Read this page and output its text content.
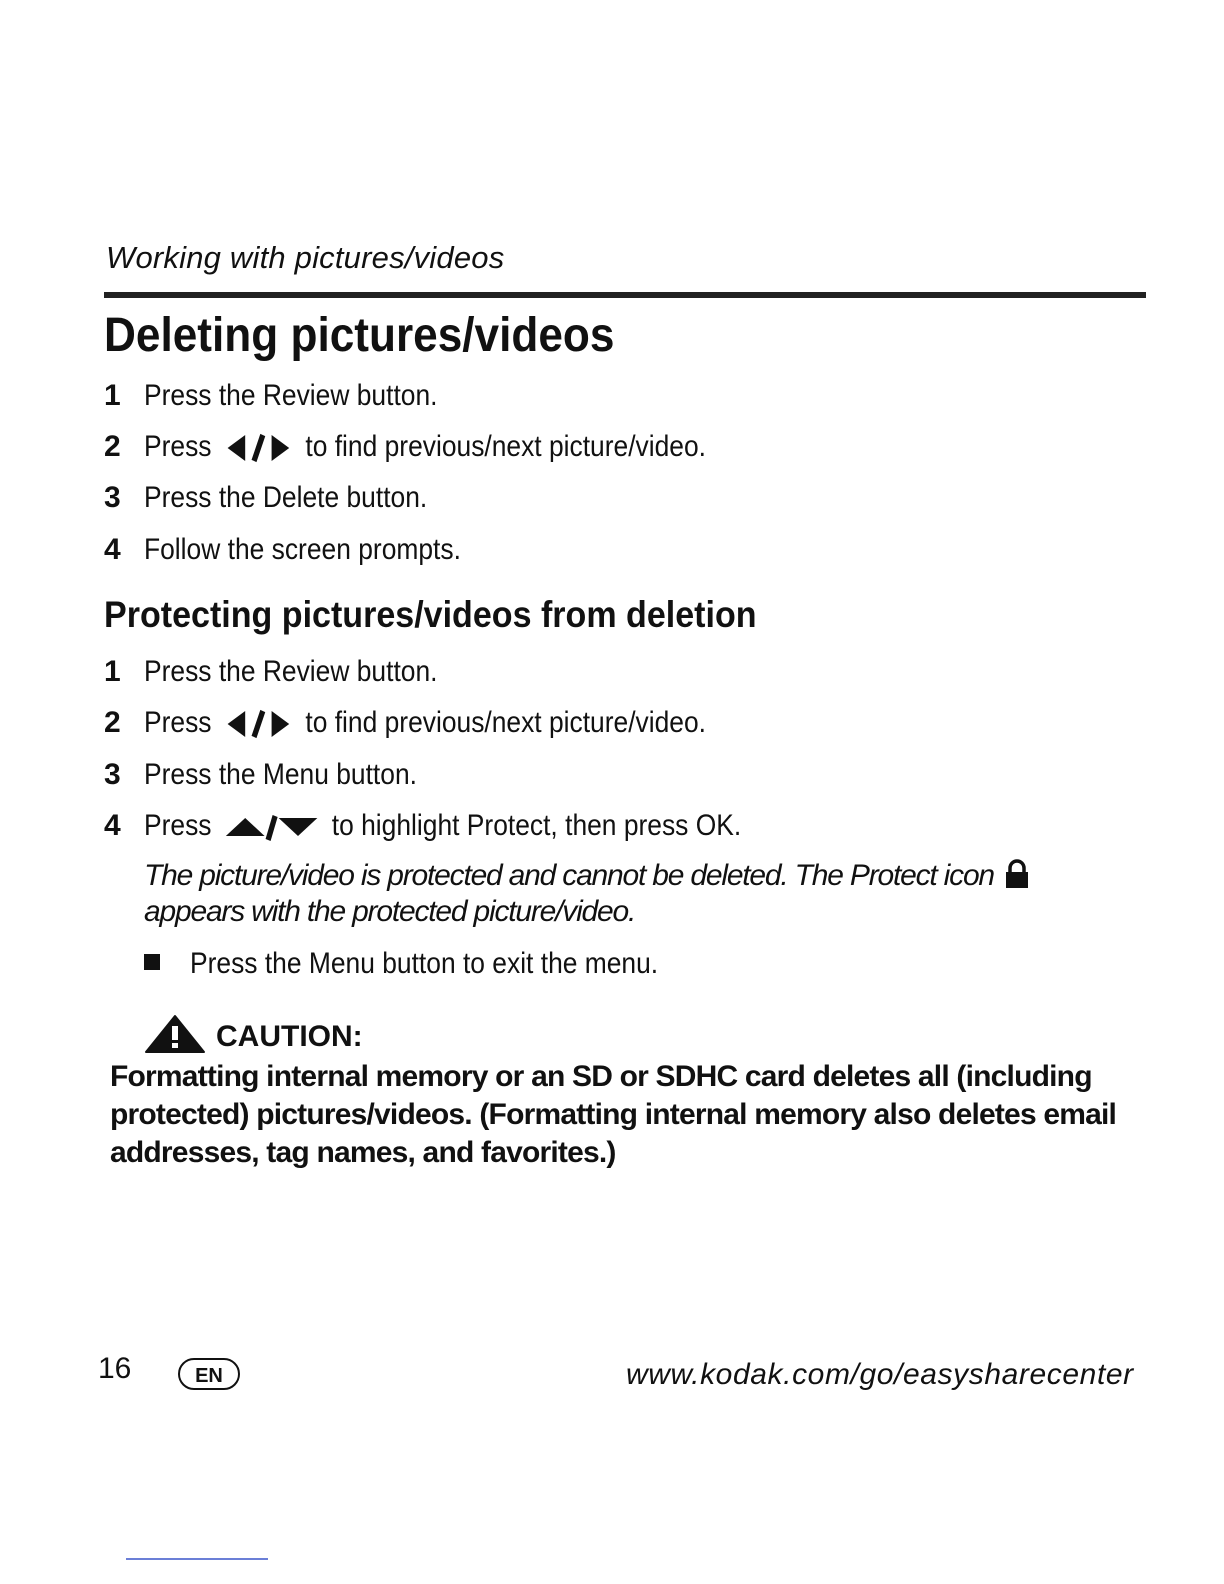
Working with pictures/videos
Deleting pictures/videos
1 Press the Review button.
2 Press	to find previous/next picture/video.
3 Press the Delete button.
4 Follow the screen prompts.
Protecting pictures/videos from deletion
1 Press the Review button.
2 Press	to find previous/next picture/video.
3 Press the Menu button.
4 Press	to highlight Protect, then press OK.
The picture/video is protected and cannot be deleted. The Protect icon  appears with the protected picture/video.
Press the Menu button to exit the menu.
CAUTION:
Formatting internal memory or an SD or SDHC card deletes all (including protected) pictures/videos. (Formatting internal memory also deletes email addresses, tag names, and favorites.)
16	EN	www.kodak.com/go/easysharecenter
